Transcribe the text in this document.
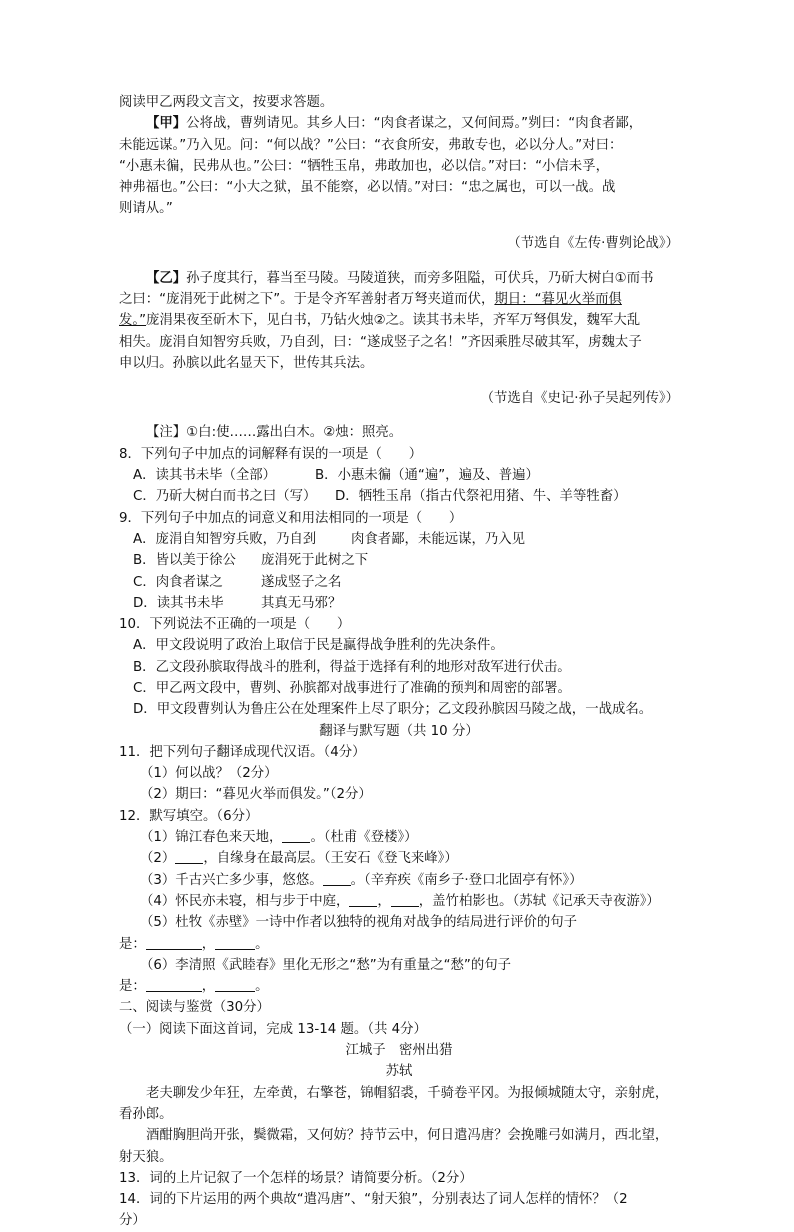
阅读甲乙两段文言文，按要求答题。

【甲】公将战，曹刿请见。其乡人曰：“肉食者谋之，又何间焉。”刿曰：“肉食者鄙，

未能远谋。”乃入见。问：“何以战？”公曰：“衣食所安，弗敢专也，必以分人。”对曰：

“小惠未徧，民弗从也。”公曰：“牺牲玉帛，弗敢加也，必以信。”对曰：“小信未孚，

神弗福也。”公曰：“小大之狱，虽不能察，必以情。”对曰：“忠之属也，可以一战。战

则请从。”

（节选自《左传·曹刿论战》）

【乙】孙子度其行，暮当至马陵。马陵道狭，而旁多阻隘，可伏兵，乃斫大树白①而书

之曰：“庞涓死于此树之下”。于是令齐军善射者万弩夹道而伏，期日：“暮见火举而俱

发。”庞涓果夜至斫木下，见白书，乃钻火烛②之。读其书未毕，齐军万弩俱发，魏军大乱

相失。庞涓自知智穷兵败，乃自刭，曰：“遂成竖子之名！”齐因乘胜尽破其军，虏魏太子

申以归。孙膑以此名显天下，世传其兵法。

（节选自《史记·孙子吴起列传》）

【注】①白:使……露出白木。②烛：照亮。

8．下列句子中加点的词解释有误的一项是（　　）

A．读其书未毕（全部）	B．小惠未徧（通“遍”，遍及、普遍）

C．乃斫大树白而书之曰（写） D．牺牲玉帛（指古代祭祀用猪、牛、羊等牲畜）

9．下列句子中加点的词意义和用法相同的一项是（　　）

A．庞涓自知智穷兵败，乃自刭	肉食者鄙，未能远谋，乃入见

B．皆以美于徐公 庞涓死于此树之下

C．肉食者谋之	遂成竖子之名

D．读其书未毕	其真无马邪？

10．下列说法不正确的一项是（　　）

A．甲文段说明了政治上取信于民是赢得战争胜利的先决条件。

B．乙文段孙膑取得战斗的胜利，得益于选择有利的地形对敌军进行伏击。

C．甲乙两文段中，曹刿、孙膑都对战事进行了准确的预判和周密的部署。

D．甲文段曹刿认为鲁庄公在处理案件上尽了职分；乙文段孙膑因马陵之战，一战成名。

翻译与默写题（共 10 分）

11．把下列句子翻译成现代汉语。（4分）

（1）何以战？（2分）

（2）期曰：“暮见火举而俱发。”（2分）

12．默写填空。（6分）

（1）锦江春色来天地， 。（杜甫《登楼》）

（2） ，自缘身在最高层。（王安石《登飞来峰》）

（3）千古兴亡多少事，悠悠。 。（辛弃疾《南乡子·登口北固亭有怀》）

（4）怀民亦未寝，相与步于中庭， ， ，盖竹柏影也。（苏轼《记承天寺夜游》）

（5）杜牧《赤壁》一诗中作者以独特的视角对战争的结局进行评价的句子

是：	，	。

（6）李清照《武睦春》里化无形之“愁”为有重量之“愁”的句子

是：	，	。

二、阅读与鉴赏（30分）

（一）阅读下面这首词，完成 13-14 题。（共 4分）

江城子　密州出猎

苏轼

老夫聊发少年狂，左牵黄，右擎苍，锦帽貂裘，千骑卷平冈。为报倾城随太守，亲射虎，

看孙郎。

酒酣胸胆尚开张，鬓微霜，又何妨？持节云中，何日遣冯唐？会挽雕弓如满月，西北望，

射天狼。

13．词的上片记叙了一个怎样的场景？请简要分析。（2分）

14．词的下片运用的两个典故“遣冯唐”、“射天狼”，分别表达了词人怎样的情怀？（2

分）
